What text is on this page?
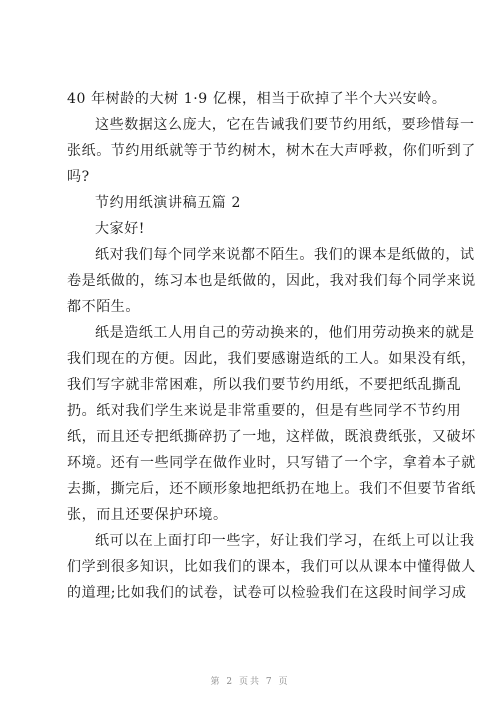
40 年树龄的大树 1·9 亿棵，相当于砍掉了半个大兴安岭。
这些数据这么庞大，它在告诫我们要节约用纸，要珍惜每一
张纸。节约用纸就等于节约树木，树木在大声呼救，你们听到了
吗?
节约用纸演讲稿五篇 2
大家好!
纸对我们每个同学来说都不陌生。我们的课本是纸做的，试
卷是纸做的，练习本也是纸做的，因此，我对我们每个同学来说
都不陌生。
纸是造纸工人用自己的劳动换来的，他们用劳动换来的就是
我们现在的方便。因此，我们要感谢造纸的工人。如果没有纸，
我们写字就非常困难，所以我们要节约用纸，不要把纸乱撕乱
扔。纸对我们学生来说是非常重要的，但是有些同学不节约用
纸，而且还专把纸撕碎扔了一地，这样做，既浪费纸张，又破坏
环境。还有一些同学在做作业时，只写错了一个字，拿着本子就
去撕，撕完后，还不顾形象地把纸扔在地上。我们不但要节省纸
张，而且还要保护环境。
纸可以在上面打印一些字，好让我们学习，在纸上可以让我
们学到很多知识，比如我们的课本，我们可以从课本中懂得做人
的道理;比如我们的试卷，试卷可以检验我们在这段时间学习成
第 2 页共 7 页
